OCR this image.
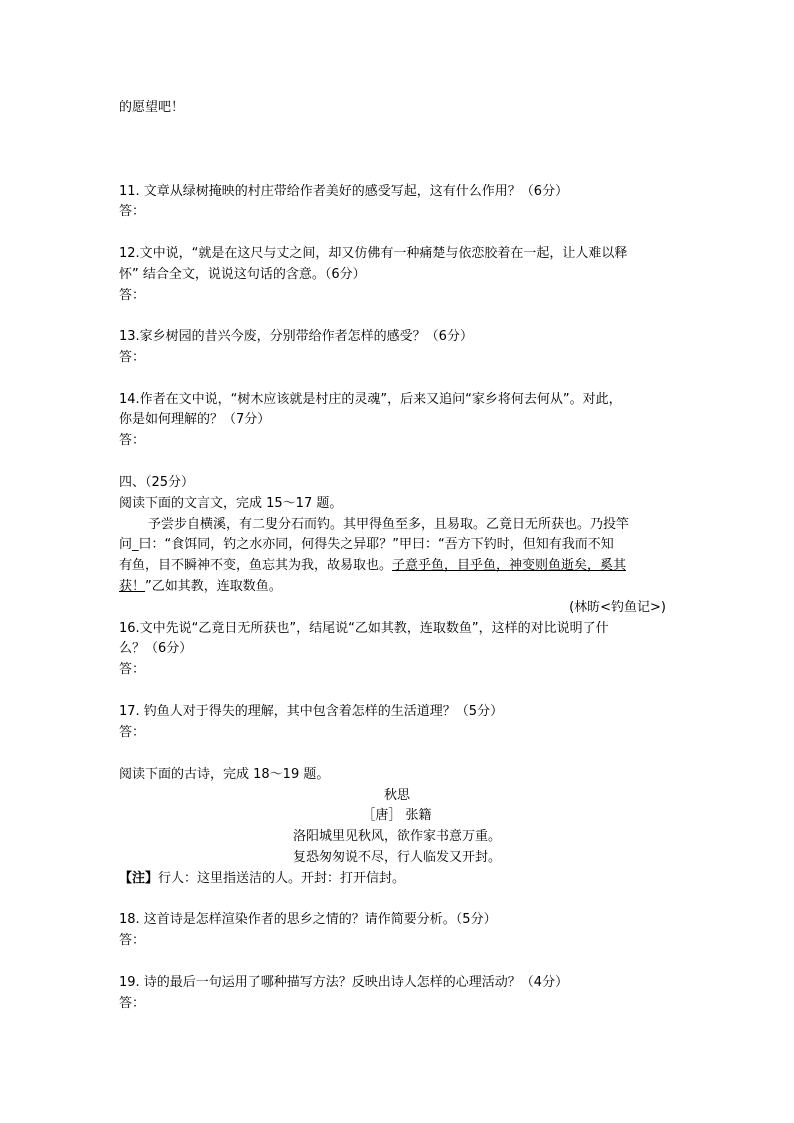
的愿望吧！
11. 文章从绿树掩映的村庄带给作者美好的感受写起，这有什么作用？（6分）
答：
12.文中说，“就是在这尺与丈之间，却又仿佛有一种痛楚与依恋胶着在一起，让人难以释
怀” 结合全文，说说这句话的含意。（6分）
答：
13.家乡树园的昔兴今废，分别带给作者怎样的感受？（6分）
答：
14.作者在文中说，“树木应该就是村庄的灵魂”，后来又追问“家乡将何去何从”。对此，
你是如何理解的？（7分）
答：
四、（25分）
阅读下面的文言文，完成 15～17 题。
予尝步自横溪，有二叟分石而钓。其甲得鱼至多，且易取。乙竟日无所获也。乃投竿
问_曰：“食饵同，钓之水亦同，何得失之异耶？”甲曰：“吾方下钓时，但知有我而不知
有鱼，目不瞬神不变，鱼忘其为我，故易取也。子意乎鱼，目乎鱼，神变则鱼逝矣，奚其
获！”乙如其教，连取数鱼。
(林昉<钓鱼记>)
16.文中先说“乙竟日无所获也”，结尾说“乙如其教，连取数鱼”，这样的对比说明了什
么？（6分）
答：
17. 钓鱼人对于得失的理解，其中包含着怎样的生活道理？（5分）
答：
阅读下面的古诗，完成 18～19 题。
秋思
［唐］ 张籍
洛阳城里见秋风，欲作家书意万重。
复恐匆匆说不尽，行人临发又开封。
【注】行人：这里指送洁的人。开封：打开信封。
18. 这首诗是怎样渲染作者的思乡之情的？请作简要分析。（5分）
答：
19. 诗的最后一句运用了哪种描写方法？反映出诗人怎样的心理活动？（4分）
答：
